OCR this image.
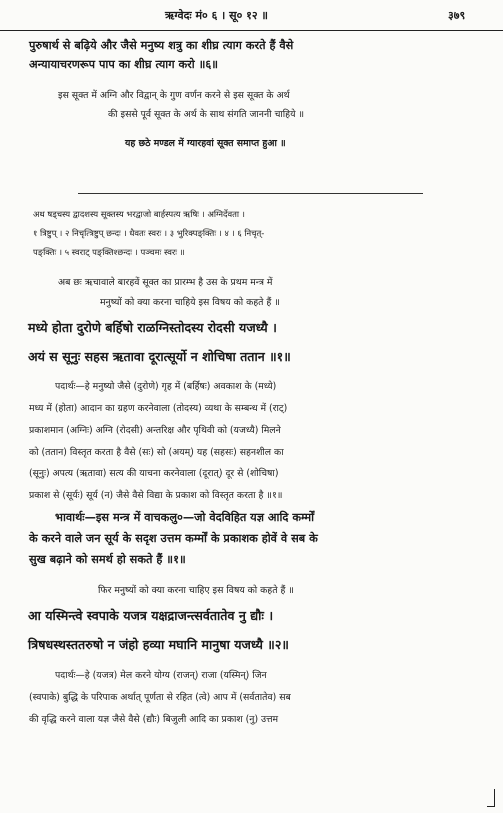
ऋग्वेदः मं० ६ । सू० १२ ॥	३७९
पुरुषार्थ से बढ़िये और जैसे मनुष्य शत्रु का शीघ्र त्याग करते हैं वैसे
अन्यायाचरणरूप पाप का शीघ्र त्याग करो ॥६॥
इस सूक्त में अग्नि और विद्वान् के गुण वर्णन करने से इस सूक्त के अर्थ
की इससे पूर्व सूक्त के अर्थ के साथ संगति जाननी चाहिये ॥
यह छठे मण्डल में ग्यारहवां सूक्त समाप्त हुआ ॥
अथ षड्चस्य द्वादशस्य सूक्तस्य भरद्वाजो बार्हस्पत्य ऋषिः । अग्निर्देवता ।
१ त्रिष्टुप् । २ निचृत्त्रिष्टुप् छन्दः । धैवतः स्वरः । ३ भुरिक्पङ्क्तिः । ४ । ६ निचृत्-
पङ्क्तिः । ५ स्वराट् पङ्क्तिश्छन्दः । पञ्चमः स्वरः ॥
अब छः ऋचावाले बारहवें सूक्त का प्रारम्भ है उस के प्रथम मन्त्र में
मनुष्यों को क्या करना चाहिये इस विषय को कहते हैं ॥
मध्ये होता दुरोणे बर्हिषो राळग्निस्तोदस्य रोदसी यजध्यै ।
अयं स सूनुः सहस ऋतावा दूरात्सूर्यो न शोचिषा ततान ॥१॥
पदार्थः—हे मनुष्यो जैसे (दुरोणे) गृह में (बर्हिषः) अवकाश के (मध्ये)
मध्य में (होता) आदान का ग्रहण करनेवाला (तोदस्य) व्यथा के सम्बन्ध में (राट्)
प्रकाशमान (अग्निः) अग्नि (रोदसी) अन्तरिक्ष और पृथिवी को (यजध्यै) मिलने
को (ततान) विस्तृत करता है वैसे (सः) सो (अयम्) यह (सहसः) सहनशील का
(सूनुः) अपत्य (ऋतावा) सत्य की याचना करनेवाला (दूरात्) दूर से (शोचिषा)
प्रकाश से (सूर्यः) सूर्य (न) जैसे वैसे विद्या के प्रकाश को विस्तृत करता है ॥१॥
भावार्थः—इस मन्त्र में वाचकलु०—जो वेदविहित यज्ञ आदि कर्म्मों
के करने वाले जन सूर्य के सदृश उत्तम कर्म्मों के प्रकाशक होवें वे सब के
सुख बढ़ाने को समर्थ हो सकते हैं ॥१॥
फिर मनुष्यों को क्या करना चाहिए इस विषय को कहते हैं ॥
आ यस्मिन्त्वे स्वपाके यजत्र यक्षद्राजन्त्सर्वतातेव नु द्यौः ।
त्रिषधस्थस्ततरुषो न जंहो हव्या मघानि मानुषा यजध्यै ॥२॥
पदार्थः—हे (यजत्र) मेल करने योग्य (राजन्) राजा (यस्मिन्) जिन
(स्वपाके) बुद्धि के परिपाक अर्थात् पूर्णता से रहित (त्वे) आप में (सर्वतातेव) सब
की वृद्धि करने वाला यज्ञ जैसे वैसे (द्यौः) बिजुली आदि का प्रकाश (नु) उत्तम
